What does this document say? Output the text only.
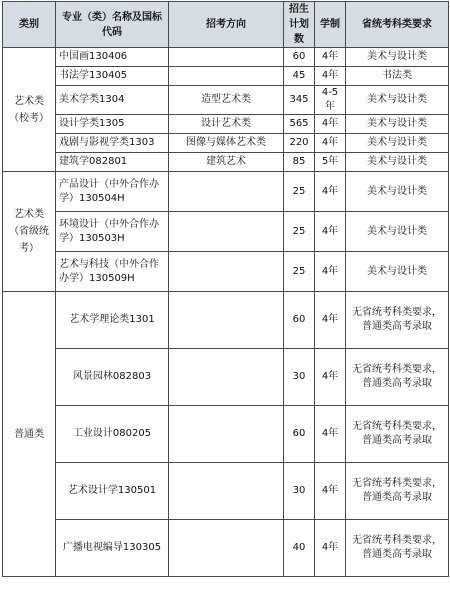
类别	专业（类）名称及国标代码	招考方向	招生计划数	学制	省统考科类要求
艺术类（校考）	中国画130406		60	4年	美术与设计类
	书法学130405		45	4年	书法类
	美术学类1304	造型艺术类	345	4-5年	美术与设计类
	设计学类1305	设计艺术类	565	4年	美术与设计类
	戏剧与影视学类1303	图像与媒体艺术类	220	4年	美术与设计类
	建筑学082801	建筑艺术	85	5年	美术与设计类
艺术类（省级统考）	产品设计（中外合作办学）130504H		25	4年	美术与设计类
	环境设计（中外合作办学）130503H		25	4年	美术与设计类
	艺术与科技（中外合作办学）130509H		25	4年	美术与设计类
普通类	艺术学理论类1301		60	4年	无省统考科类要求，普通类高考录取
	风景园林082803		30	4年	无省统考科类要求，普通类高考录取
	工业设计080205		60	4年	无省统考科类要求，普通类高考录取
	艺术设计学130501		30	4年	无省统考科类要求，普通类高考录取
	广播电视编导130305		40	4年	无省统考科类要求，普通类高考录取
